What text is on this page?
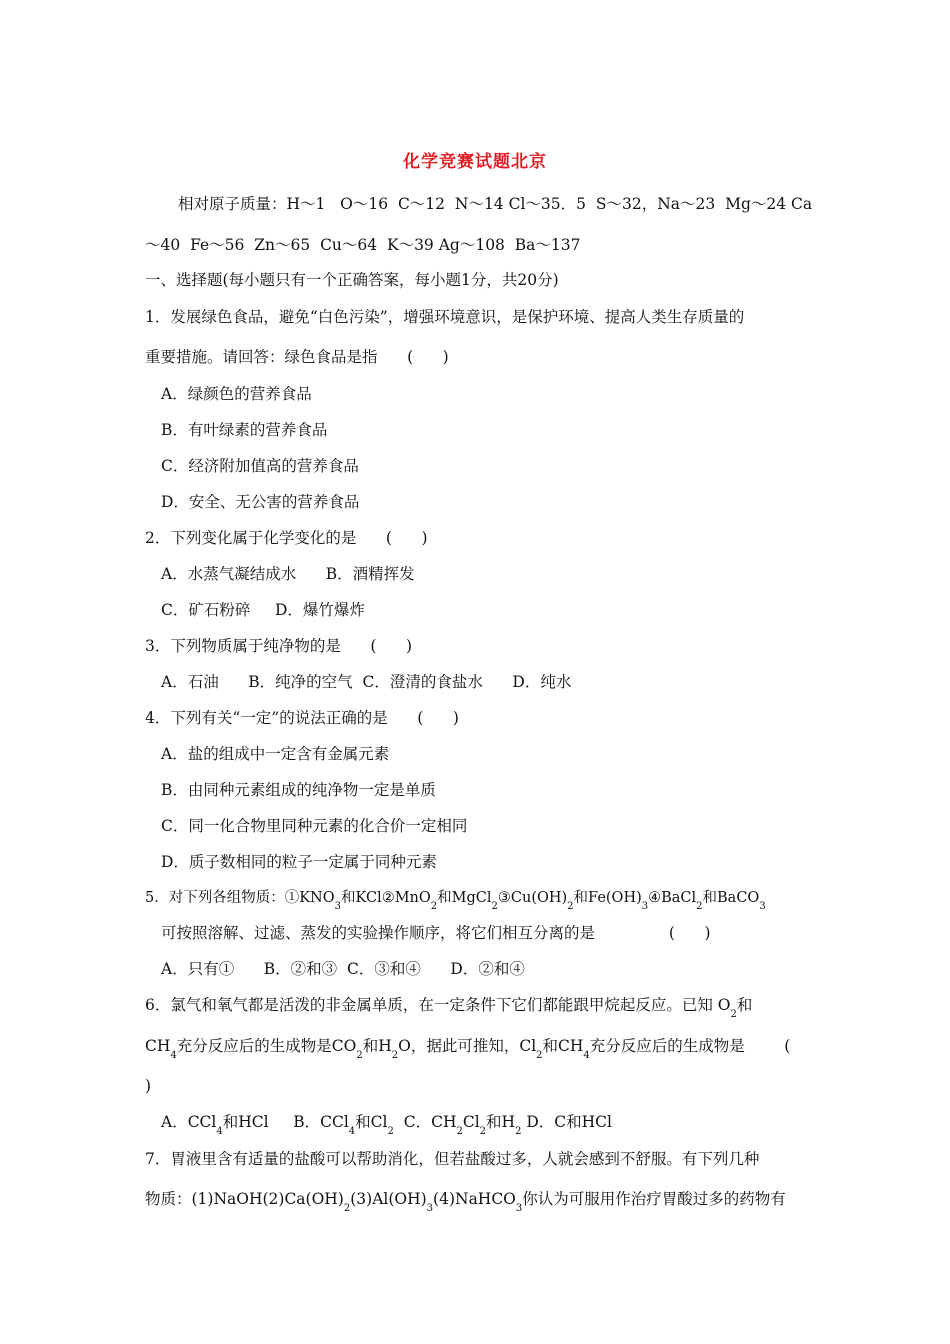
化学竞赛试题北京
相对原子质量：H～1   O～16  C～12  N～14 Cl～35．5  S～32，Na～23  Mg～24 Ca
～40  Fe～56  Zn～65  Cu～64  K～39 Ag～108  Ba～137
一、选择题(每小题只有一个正确答案，每小题1分，共20分)
1．发展绿色食品，避免“白色污染”，增强环境意识，是保护环境、提高人类生存质量的
重要措施。请回答：绿色食品是指      (      )
A．绿颜色的营养食品
B．有叶绿素的营养食品
C．经济附加值高的营养食品
D．安全、无公害的营养食品
2．下列变化属于化学变化的是      (      )
A．水蒸气凝结成水      B．酒精挥发
C．矿石粉碎     D．爆竹爆炸
3．下列物质属于纯净物的是      (      )
A．石油      B．纯净的空气  C．澄清的食盐水      D．纯水
4．下列有关“一定”的说法正确的是      (      )
A．盐的组成中一定含有金属元素
B．由同种元素组成的纯净物一定是单质
C．同一化合物里同种元素的化合价一定相同
D．质子数相同的粒子一定属于同种元素
5．对下列各组物质：$①KNO_3$和KCl②MnO$_2$和$MgCl_2③Cu(OH)_2$和$Fe(OH)_3④BaCl_2$和BaCO$_3$
可按照溶解、过滤、蒸发的实验操作顺序，将它们相互分离的是               (      )
A．只有①      B．②和③  C．③和④      D．②和④
6．氯气和氧气都是活泼的非金属单质，在一定条件下它们都能跟甲烷起反应。已知 $O_2$和
$CH_4$充分反应后的生成物是$CO_2$和$H_2O$，据此可推知，$Cl_2$和$CH_4$充分反应后的生成物是        (
)
A．CCl$_4$和HCl     B．CCl$_4$和$Cl_2$  C．$CH_2Cl_2$和$H_2$ D．C和HCl
7．胃液里含有适量的盐酸可以帮助消化，但若盐酸过多，人就会感到不舒服。有下列几种
物质：$(1)NaOH(2)Ca(OH)_2(3)Al(OH)_3(4)NaHCO_3$你认为可服用作治疗胃酸过多的药物有
